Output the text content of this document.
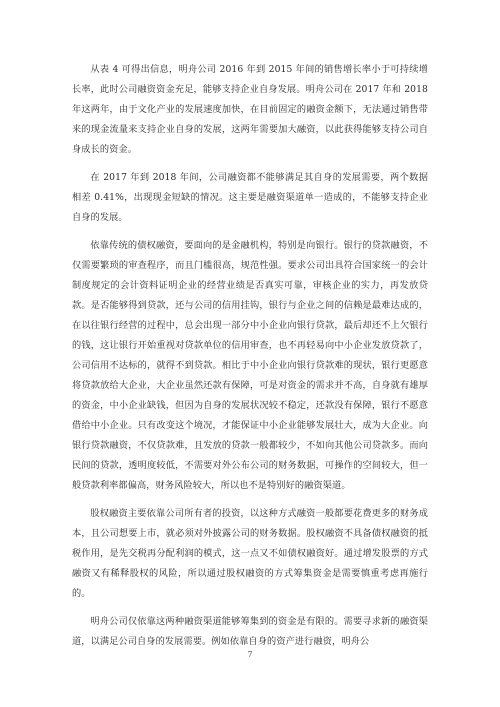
从表 4 可得出信息，明舟公司 2016 年到 2015 年间的销售增长率小于可持续增长率，此时公司融资资金充足，能够支持企业自身发展。明舟公司在 2017 年和 2018 年这两年，由于文化产业的发展速度加快，在目前固定的融资金额下，无法通过销售带来的现金流量来支持企业自身的发展，这两年需要加大融资，以此获得能够支持公司自身成长的资金。

在 2017 年到 2018 年间，公司融资都不能够满足其自身的发展需要，两个数据相差 0.41%，出现现金短缺的情况。这主要是融资渠道单一造成的，不能够支持企业自身的发展。

依靠传统的债权融资，要面向的是金融机构，特别是向银行。银行的贷款融资，不仅需要繁琐的审查程序，而且门槛很高，规范性强。要求公司出具符合国家统一的会计制度规定的会计资料证明企业的经营业绩是否真实可靠，审核企业的实力，再发放贷款。是否能够得到贷款，还与公司的信用挂钩，银行与企业之间的信赖是最难达成的，在以往银行经营的过程中，总会出现一部分中小企业向银行贷款，最后却还不上欠银行的钱，这让银行开始重视对贷款单位的信用审查，也不再轻易向中小企业发放贷款了，公司信用不达标的，就得不到贷款。相比于中小企业向银行贷款难的现状，银行更愿意将贷款放给大企业，大企业虽然还款有保障，可是对资金的需求并不高，自身就有雄厚的资金，中小企业缺钱，但因为自身的发展状况较不稳定，还款没有保障，银行不愿意借给中小企业。只有改变这个境况，才能保证中小企业能够发展壮大，成为大企业。向银行贷款融资，不仅贷款难，且发放的贷款一般都较少，不如向其他公司贷款多。而向民间的贷款，透明度较低，不需要对外公布公司的财务数据，可操作的空间较大，但一般贷款利率都偏高，财务风险较大，所以也不是特别好的融资渠道。

股权融资主要依靠公司所有者的投资，以这种方式融资一般都要花费更多的财务成本，且公司想要上市，就必须对外披露公司的财务数据。股权融资不具备债权融资的抵税作用，是先交税再分配利润的模式，这一点又不如债权融资好。通过增发股票的方式融资又有稀释股权的风险，所以通过股权融资的方式筹集资金是需要慎重考虑再施行的。

明舟公司仅依靠这两种融资渠道能够筹集到的资金是有限的。需要寻求新的融资渠道，以满足公司自身的发展需要。例如依靠自身的资产进行融资，明舟公

7
